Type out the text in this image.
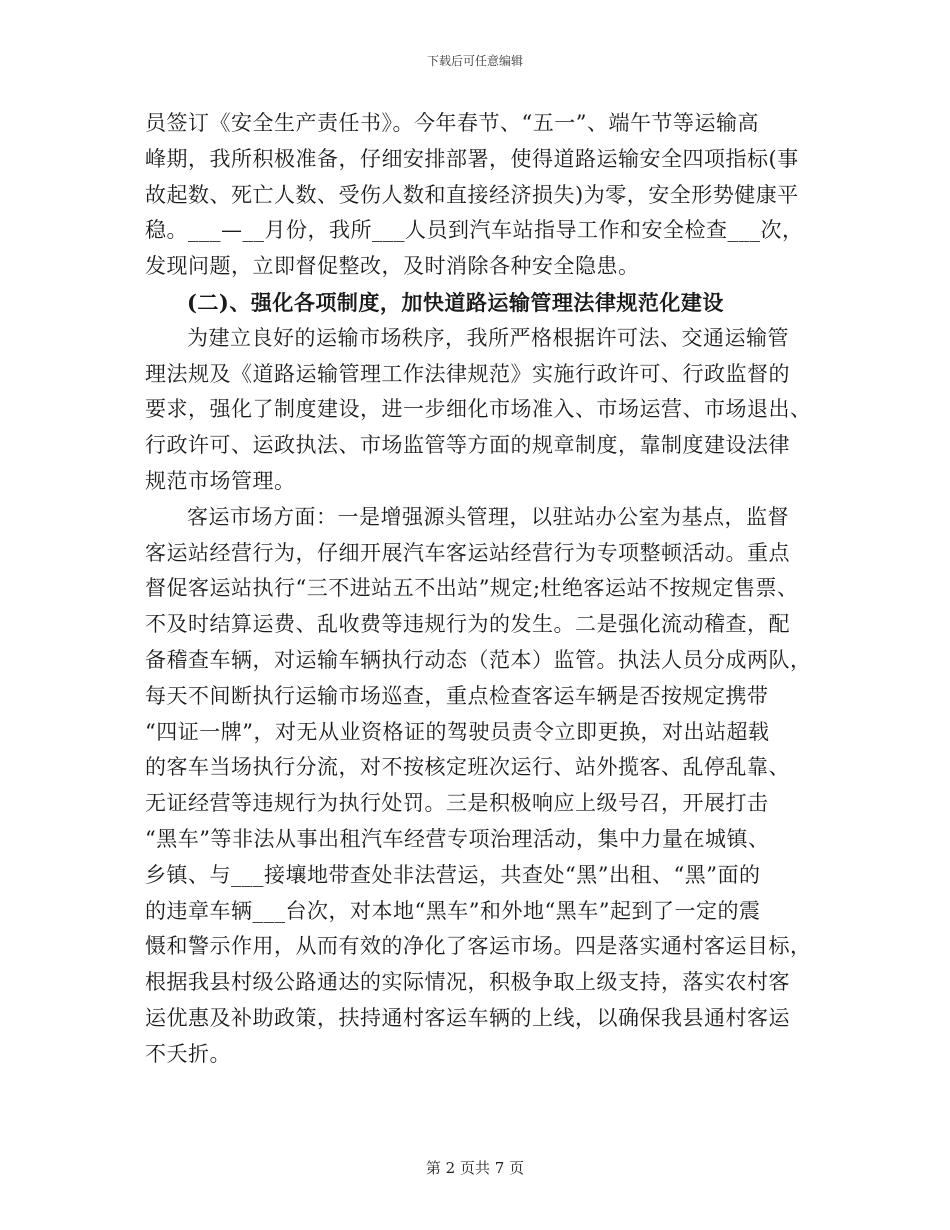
下载后可任意编辑
员签订《安全生产责任书》。今年春节、“五一”、端午节等运输高
峰期，我所积极准备，仔细安排部署，使得道路运输安全四项指标(事
故起数、死亡人数、受伤人数和直接经济损失)为零，安全形势健康平
稳。___—__月份，我所___人员到汽车站指导工作和安全检查___次，
发现问题，立即督促整改，及时消除各种安全隐患。
(二)、强化各项制度，加快道路运输管理法律规范化建设
为建立良好的运输市场秩序，我所严格根据许可法、交通运输管
理法规及《道路运输管理工作法律规范》实施行政许可、行政监督的
要求，强化了制度建设，进一步细化市场准入、市场运营、市场退出、
行政许可、运政执法、市场监管等方面的规章制度，靠制度建设法律
规范市场管理。
客运市场方面：一是增强源头管理，以驻站办公室为基点，监督
客运站经营行为，仔细开展汽车客运站经营行为专项整顿活动。重点
督促客运站执行“三不进站五不出站”规定;杜绝客运站不按规定售票、
不及时结算运费、乱收费等违规行为的发生。二是强化流动稽查，配
备稽查车辆，对运输车辆执行动态（范本）监管。执法人员分成两队，
每天不间断执行运输市场巡查，重点检查客运车辆是否按规定携带
“四证一牌”，对无从业资格证的驾驶员责令立即更换，对出站超载
的客车当场执行分流，对不按核定班次运行、站外揽客、乱停乱靠、
无证经营等违规行为执行处罚。三是积极响应上级号召，开展打击
“黑车”等非法从事出租汽车经营专项治理活动，集中力量在城镇、
乡镇、与___接壤地带查处非法营运，共查处“黑”出租、“黑”面的
的违章车辆___台次，对本地“黑车”和外地“黑车”起到了一定的震
慑和警示作用，从而有效的净化了客运市场。四是落实通村客运目标，
根据我县村级公路通达的实际情况，积极争取上级支持，落实农村客
运优惠及补助政策，扶持通村客运车辆的上线，以确保我县通村客运
不夭折。
第 2 页共 7 页
